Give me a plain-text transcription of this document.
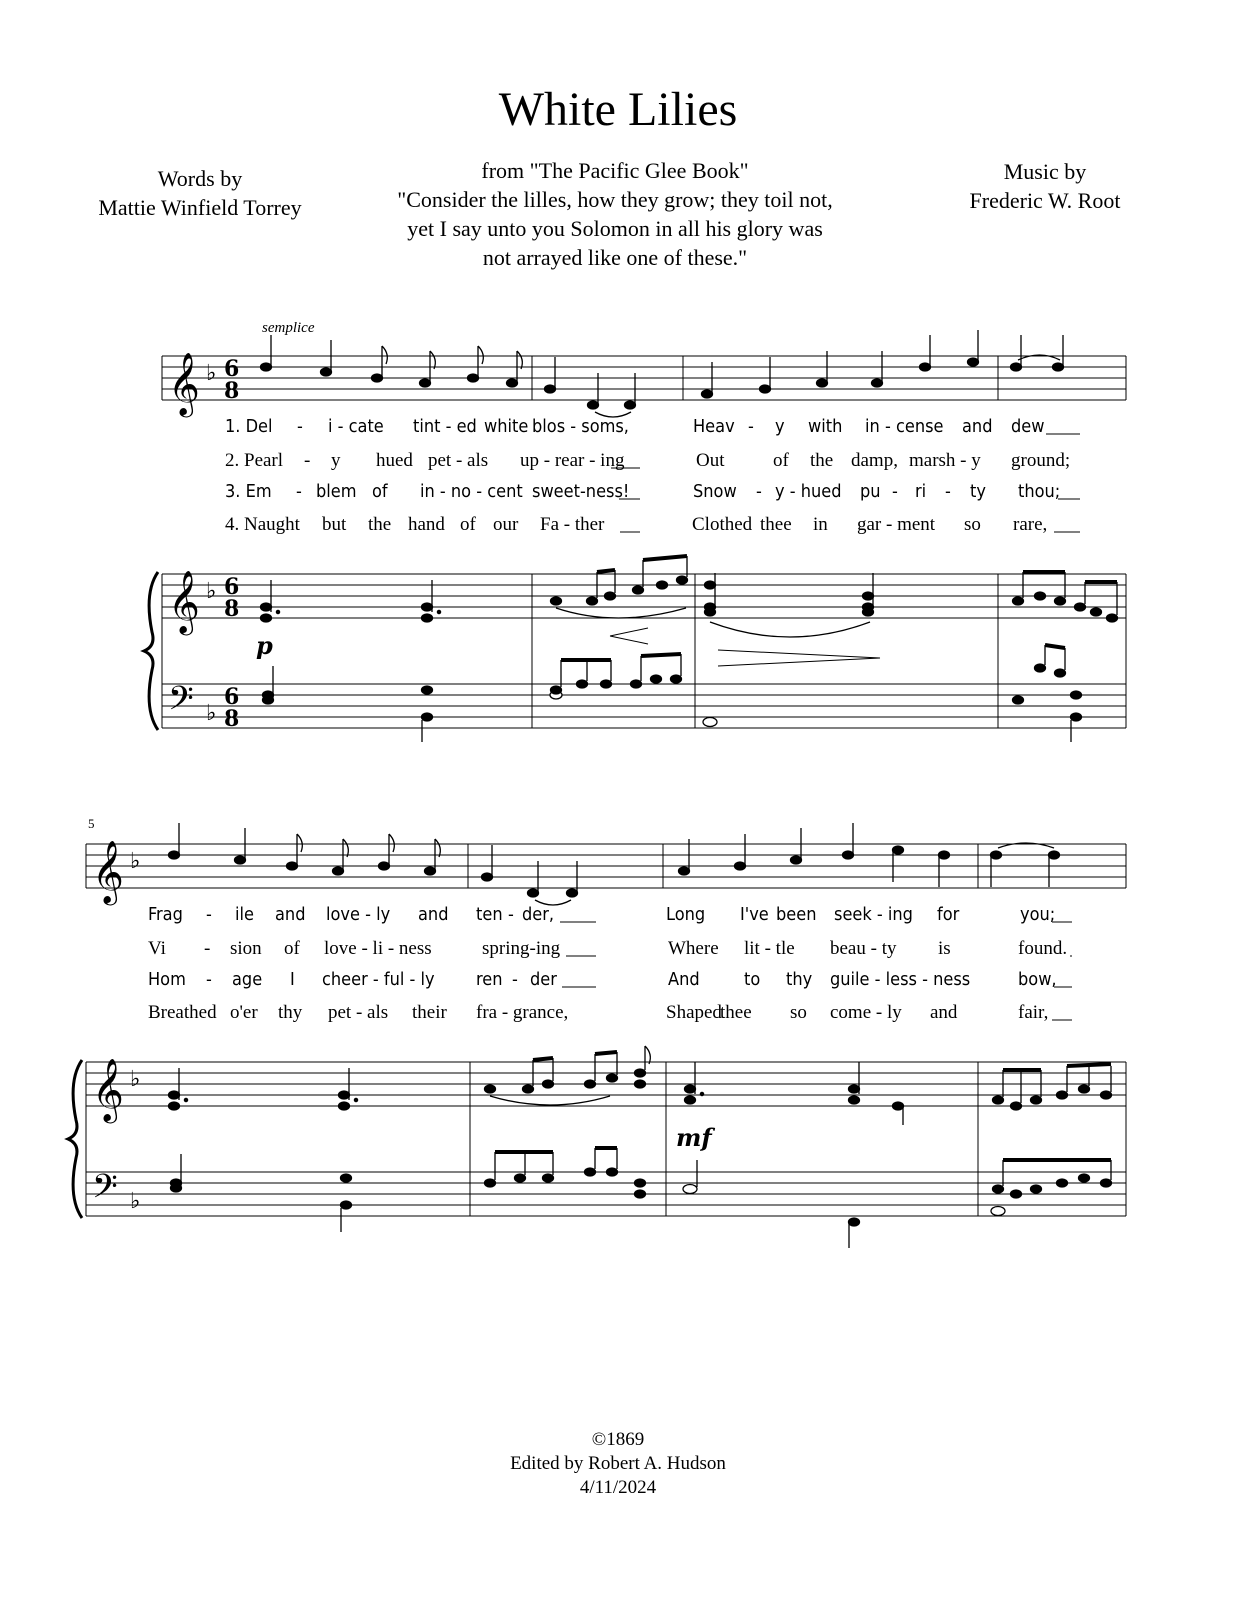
White Lilies
Words by
Mattie Winfield Torrey
from "The Pacific Glee Book"
"Consider the lilles, how they grow; they toil not,
yet I say unto you Solomon in all his glory was
not arrayed like one of these."
Music by
Frederic W. Root
semplice
𝄞 ♭ 6
8
1. Del - i - cate tint - ed white blos - soms,	Heav - y with in - cense and dew
2. Pearl - y hued pet - als up - rear - ing	Out	of the damp, marsh - y ground;
3. Em - blem of in - no - cent sweet-ness!	Snow - y - hued pu - ri - ty thou;
4. Naught but the hand of our Fa - ther	Clothed thee in gar - ment so rare,
𝄞
𝄢
♭
♭
6
8
6
8
p
5
𝄞 ♭
Frag - ile and love - ly and ten - der,	Long I've been seek - ing for	you;
Vi - sion of love - li - ness	spring-ing	Where lit - tle beau - ty is	found.
Hom - age I cheer - ful - ly ren - der	And to thy guile - less - ness	bow,
Breathed o'er thy pet - als their fra - grance,	Shaped
thee so come - ly and	fair,
𝄞
𝄢
♭
♭
mf
©1869
Edited by Robert A. Hudson
4/11/2024
